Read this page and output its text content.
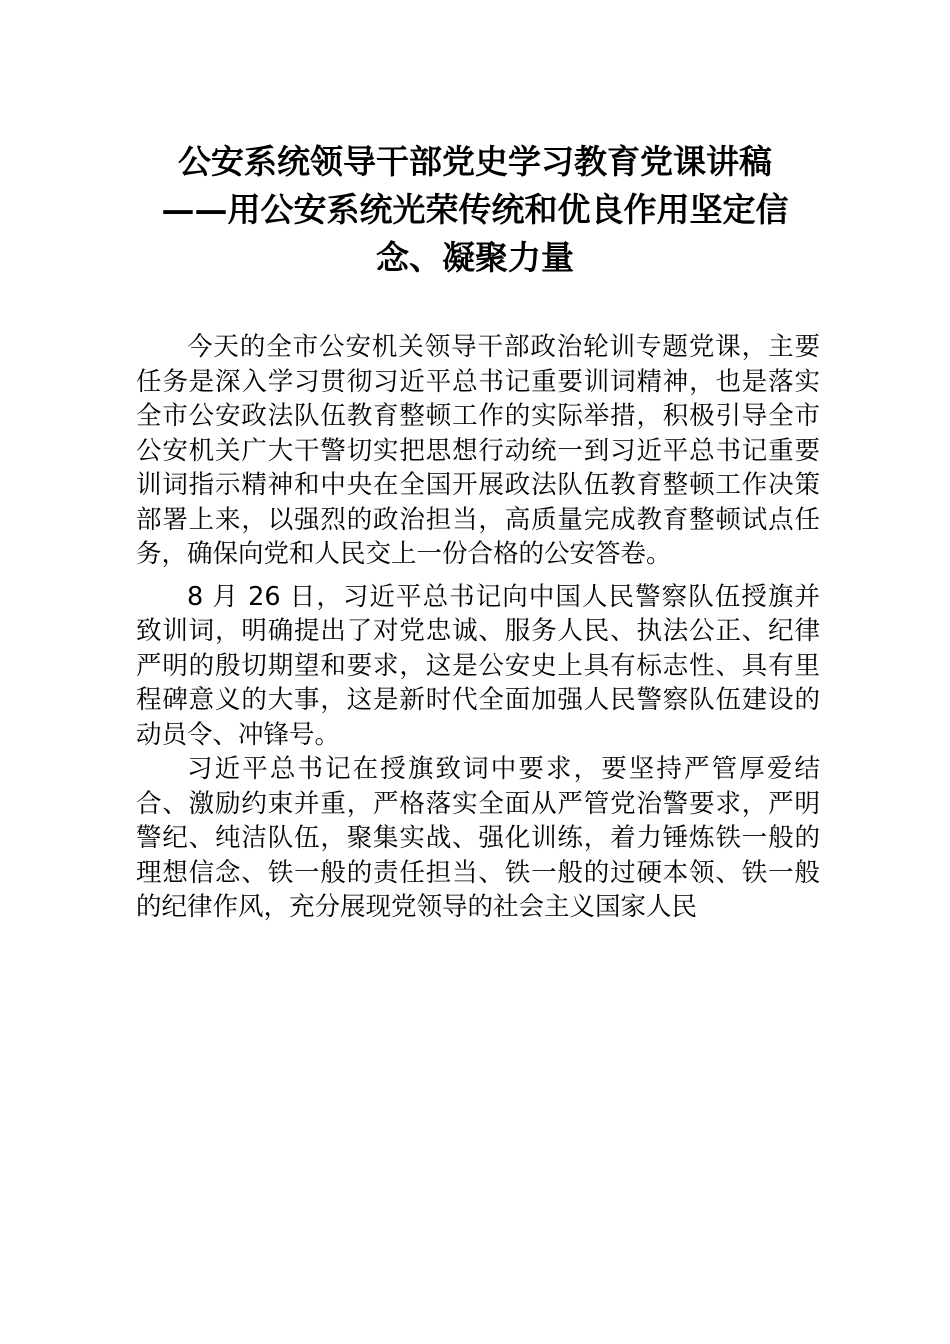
公安系统领导干部党史学习教育党课讲稿
——用公安系统光荣传统和优良作用坚定信
念、凝聚力量

今天的全市公安机关领导干部政治轮训专题党课，主要任务是深入学习贯彻习近平总书记重要训词精神，也是落实全市公安政法队伍教育整顿工作的实际举措，积极引导全市公安机关广大干警切实把思想行动统一到习近平总书记重要训词指示精神和中央在全国开展政法队伍教育整顿工作决策部署上来，以强烈的政治担当，高质量完成教育整顿试点任务，确保向党和人民交上一份合格的公安答卷。

8 月 26 日，习近平总书记向中国人民警察队伍授旗并致训词，明确提出了对党忠诚、服务人民、执法公正、纪律严明的殷切期望和要求，这是公安史上具有标志性、具有里程碑意义的大事，这是新时代全面加强人民警察队伍建设的动员令、冲锋号。

习近平总书记在授旗致词中要求，要坚持严管厚爱结合、激励约束并重，严格落实全面从严管党治警要求，严明警纪、纯洁队伍，聚集实战、强化训练，着力锤炼铁一般的理想信念、铁一般的责任担当、铁一般的过硬本领、铁一般的纪律作风，充分展现党领导的社会主义国家人民
